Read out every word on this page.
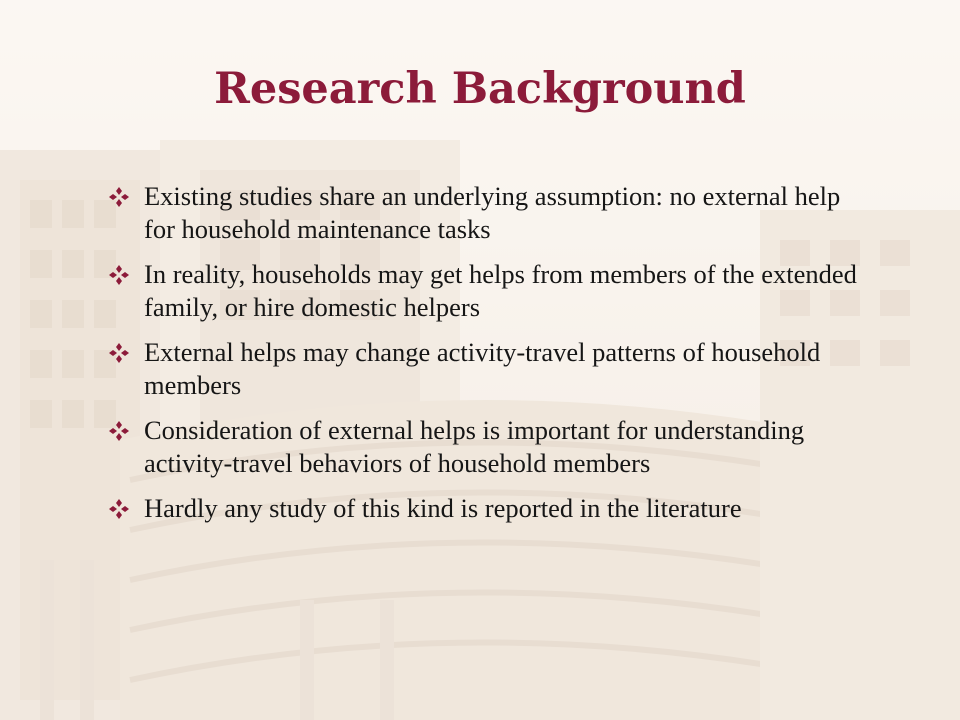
Research Background
Existing studies share an underlying assumption: no external help for household maintenance tasks
In reality, households may get helps from members of the extended family, or hire domestic helpers
External helps may change activity-travel patterns of household members
Consideration of external helps is important for understanding activity-travel behaviors of household members
Hardly any study of this kind is reported in the literature
